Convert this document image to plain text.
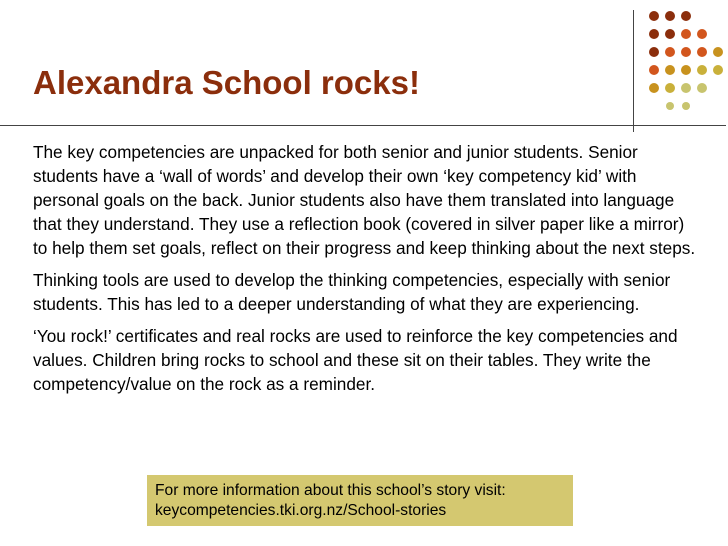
Alexandra School rocks!

The key competencies are unpacked for both senior and junior students. Senior students have a ‘wall of words’ and develop their own ‘key competency kid’ with personal goals on the back. Junior students also have them translated into language that they understand. They use a reflection book (covered in silver paper like a mirror) to help them set goals, reflect on their progress and keep thinking about the next steps.

Thinking tools are used to develop the thinking competencies, especially with senior students. This has led to a deeper understanding of what they are experiencing.

‘You rock!’ certificates and real rocks are used to reinforce the key competencies and values. Children bring rocks to school and these sit on their tables. They write the competency/value on the rock as a reminder.

For more information about this school’s story visit:
keycompetencies.tki.org.nz/School-stories
